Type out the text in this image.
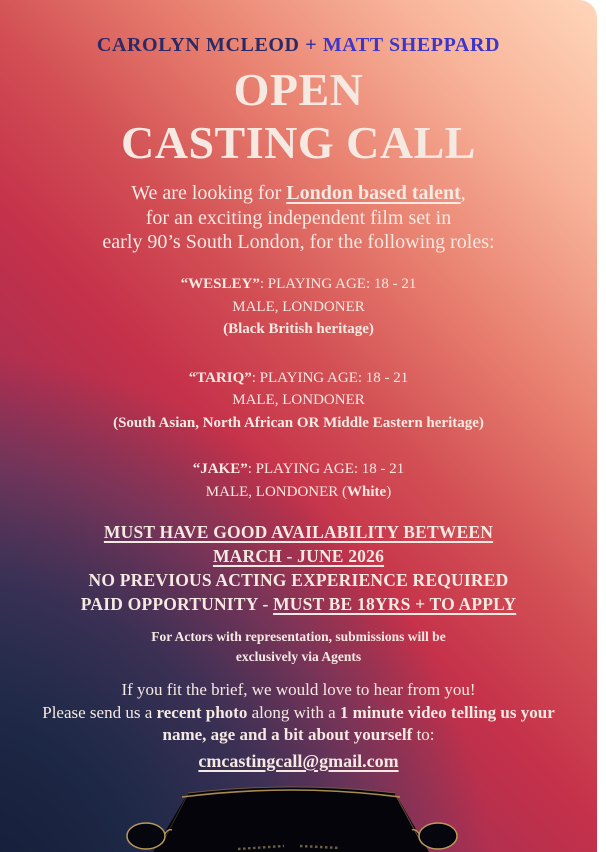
CAROLYN MCLEOD + MATT SHEPPARD
OPEN
CASTING CALL
We are looking for London based talent,
for an exciting independent film set in
early 90’s South London, for the following roles:
“WESLEY”: PLAYING AGE: 18 - 21
MALE, LONDONER
(Black British heritage)
“TARIQ”: PLAYING AGE: 18 - 21
MALE, LONDONER
(South Asian, North African OR Middle Eastern heritage)
“JAKE”: PLAYING AGE: 18 - 21
MALE, LONDONER (White)
MUST HAVE GOOD AVAILABILITY BETWEEN
MARCH - JUNE 2026
NO PREVIOUS ACTING EXPERIENCE REQUIRED
PAID OPPORTUNITY - MUST BE 18YRS + TO APPLY
For Actors with representation, submissions will be
exclusively via Agents
If you fit the brief, we would love to hear from you!
Please send us a recent photo along with a 1 minute video telling us your name, age and a bit about yourself to:
cmcastingcall@gmail.com
